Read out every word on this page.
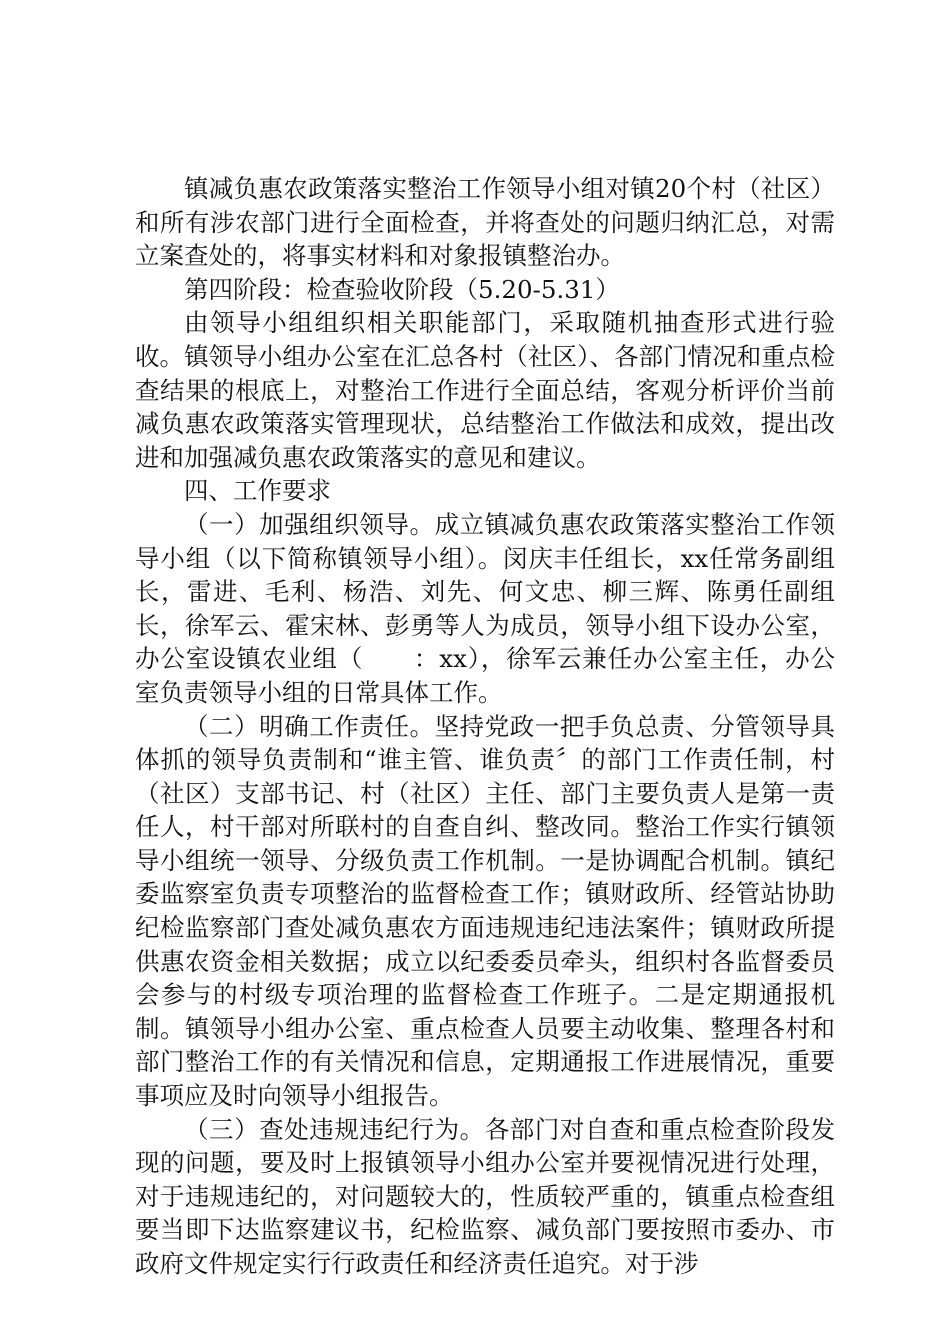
镇减负惠农政策落实整治工作领导小组对镇20个村（社区）和所有涉农部门进行全面检查，并将查处的问题归纳汇总，对需立案查处的，将事实材料和对象报镇整治办。

第四阶段：检查验收阶段（5.20-5.31）

由领导小组组织相关职能部门，采取随机抽查形式进行验收。镇领导小组办公室在汇总各村（社区）、各部门情况和重点检查结果的根底上，对整治工作进行全面总结，客观分析评价当前减负惠农政策落实管理现状，总结整治工作做法和成效，提出改进和加强减负惠农政策落实的意见和建议。

四、工作要求

（一）加强组织领导。成立镇减负惠农政策落实整治工作领导小组（以下简称镇领导小组）。闵庆丰任组长，xx任常务副组长，雷进、毛利、杨浩、刘先、何文忠、柳三辉、陈勇任副组长，徐军云、霍宋林、彭勇等人为成员，领导小组下设办公室，办公室设镇农业组（　　：xx），徐军云兼任办公室主任，办公室负责领导小组的日常具体工作。

（二）明确工作责任。坚持党政一把手负总责、分管领导具体抓的领导负责制和“谁主管、谁负责〞的部门工作责任制，村（社区）支部书记、村（社区）主任、部门主要负责人是第一责任人，村干部对所联村的自查自纠、整改同。整治工作实行镇领导小组统一领导、分级负责工作机制。一是协调配合机制。镇纪委监察室负责专项整治的监督检查工作；镇财政所、经管站协助纪检监察部门查处减负惠农方面违规违纪违法案件；镇财政所提供惠农资金相关数据；成立以纪委委员牵头，组织村各监督委员会参与的村级专项治理的监督检查工作班子。二是定期通报机制。镇领导小组办公室、重点检查人员要主动收集、整理各村和部门整治工作的有关情况和信息，定期通报工作进展情况，重要事项应及时向领导小组报告。

（三）查处违规违纪行为。各部门对自查和重点检查阶段发现的问题，要及时上报镇领导小组办公室并要视情况进行处理，对于违规违纪的，对问题较大的，性质较严重的，镇重点检查组要当即下达监察建议书，纪检监察、减负部门要按照市委办、市政府文件规定实行行政责任和经济责任追究。对于涉
